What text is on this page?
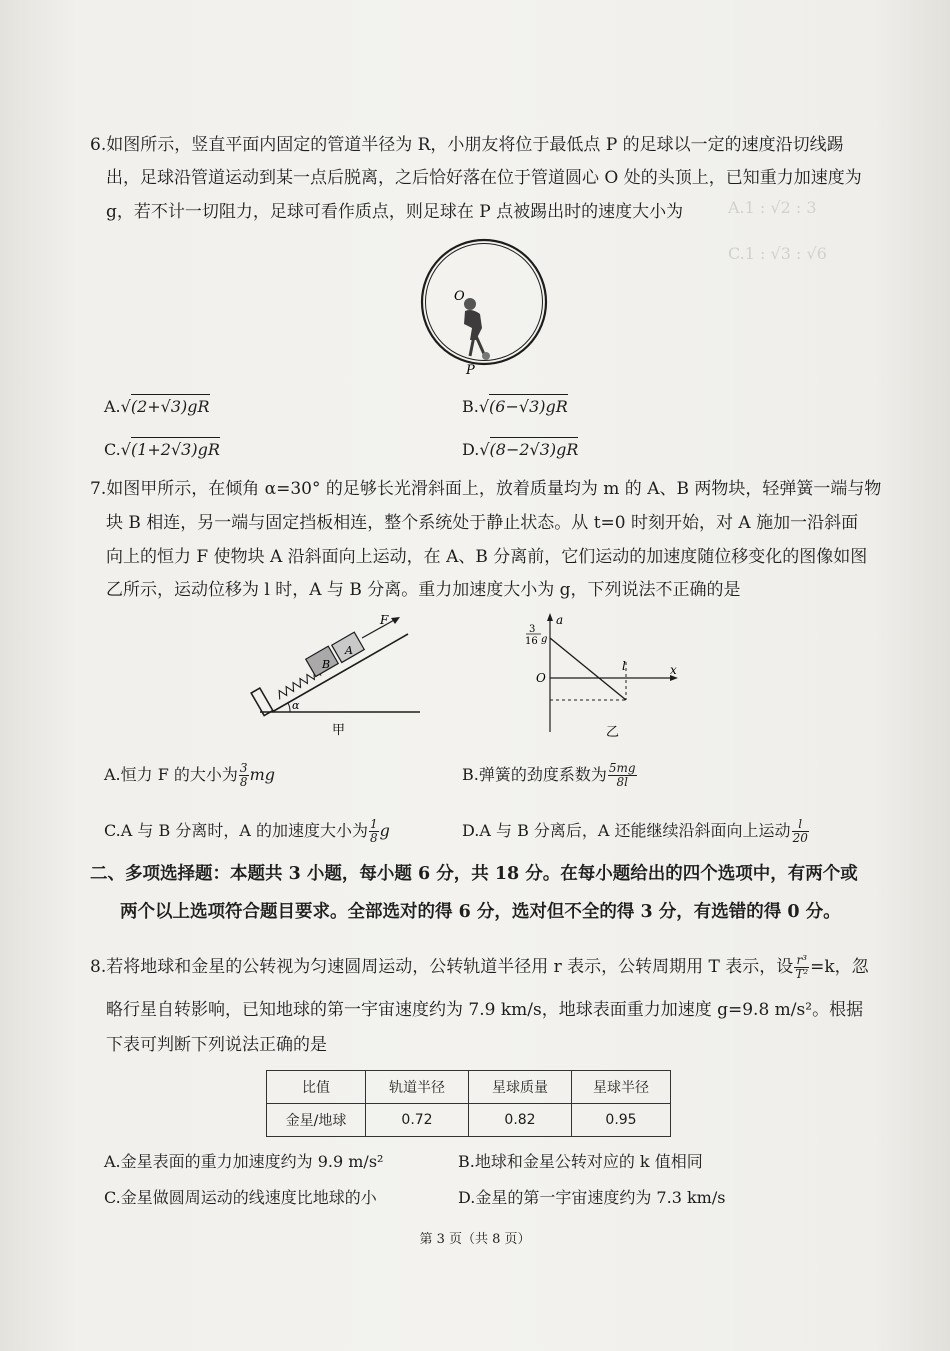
A.1 : √2 : 3
C.1 : √3 : √6
6.如图所示，竖直平面内固定的管道半径为 R，小朋友将位于最低点 P 的足球以一定的速度沿切线踢
出，足球沿管道运动到某一点后脱离，之后恰好落在位于管道圆心 O 处的头顶上，已知重力加速度为
g，若不计一切阻力，足球可看作质点，则足球在 P 点被踢出时的速度大小为
O
P
A.√(2+√3)gR	B.√(6−√3)gR
C.√(1+2√3)gR	D.√(8−2√3)gR
7.如图甲所示，在倾角 α=30° 的足够长光滑斜面上，放着质量均为 m 的 A、B 两物块，轻弹簧一端与物
块 B 相连，另一端与固定挡板相连，整个系统处于静止状态。从 t=0 时刻开始，对 A 施加一沿斜面
向上的恒力 F 使物块 A 沿斜面向上运动，在 A、B 分离前，它们运动的加速度随位移变化的图像如图
乙所示，运动位移为 l 时，A 与 B 分离。重力加速度大小为 g，下列说法不正确的是
B
A
F
α
甲
a
x
O
l
3
16 g
乙
A.恒力 F 的大小为 $\frac{3}{8}$ mg	B.弹簧的劲度系数为 $\frac{5mg}{8l}$
C.A 与 B 分离时，A 的加速度大小为 $\frac{1}{8}$ g	D.A 与 B 分离后，A 还能继续沿斜面向上运动 $\frac{l}{20}$
二、多项选择题：本题共 3 小题，每小题 6 分，共 18 分。在每小题给出的四个选项中，有两个或
两个以上选项符合题目要求。全部选对的得 6 分，选对但不全的得 3 分，有选错的得 0 分。
8.若将地球和金星的公转视为匀速圆周运动，公转轨道半径用 r 表示，公转周期用 T 表示，设 $\frac{\text{r³}}{\text{T²}} =k$，忽
略行星自转影响，已知地球的第一宇宙速度约为 7.9 km/s，地球表面重力加速度 g=9.8 m/s²。根据
下表可判断下列说法正确的是
比值	轨道半径	星球质量	星球半径
金星/地球	0.72	0.82	0.95
A.金星表面的重力加速度约为 9.9 m/s²	B.地球和金星公转对应的 k 值相同
C.金星做圆周运动的线速度比地球的小	D.金星的第一宇宙速度约为 7.3 km/s
第 3 页（共 8 页）
